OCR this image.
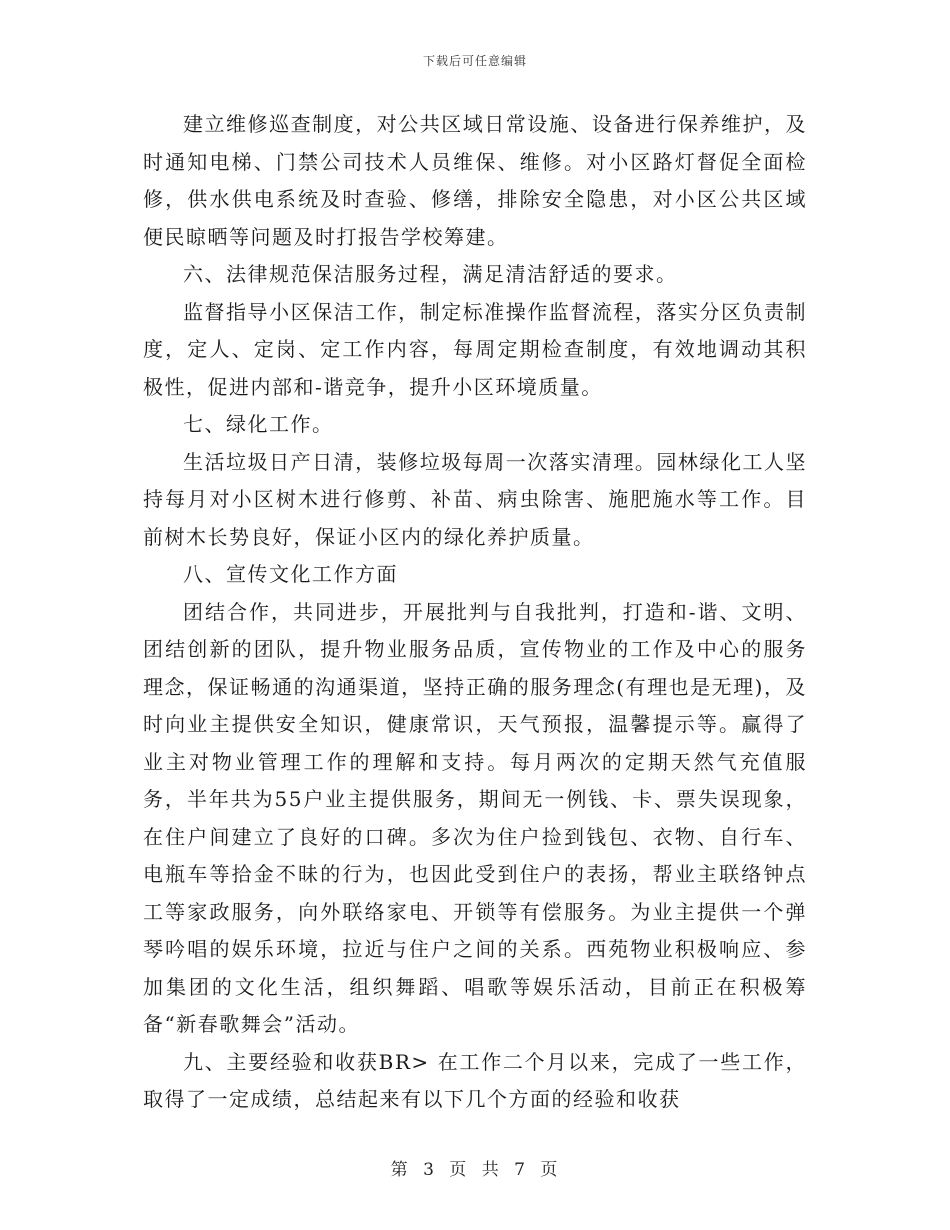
下载后可任意编辑

建立维修巡查制度，对公共区域日常设施、设备进行保养维护，及时通知电梯、门禁公司技术人员维保、维修。对小区路灯督促全面检修，供水供电系统及时查验、修缮，排除安全隐患，对小区公共区域便民晾晒等问题及时打报告学校筹建。

六、法律规范保洁服务过程，满足清洁舒适的要求。

监督指导小区保洁工作，制定标准操作监督流程，落实分区负责制度，定人、定岗、定工作内容，每周定期检查制度，有效地调动其积极性，促进内部和-谐竞争，提升小区环境质量。

七、绿化工作。

生活垃圾日产日清，装修垃圾每周一次落实清理。园林绿化工人坚持每月对小区树木进行修剪、补苗、病虫除害、施肥施水等工作。目前树木长势良好，保证小区内的绿化养护质量。

八、宣传文化工作方面

团结合作，共同进步，开展批判与自我批判，打造和-谐、文明、团结创新的团队，提升物业服务品质，宣传物业的工作及中心的服务理念，保证畅通的沟通渠道，坚持正确的服务理念(有理也是无理)，及时向业主提供安全知识，健康常识，天气预报，温馨提示等。赢得了业主对物业管理工作的理解和支持。每月两次的定期天然气充值服务，半年共为55户业主提供服务，期间无一例钱、卡、票失误现象，在住户间建立了良好的口碑。多次为住户捡到钱包、衣物、自行车、电瓶车等拾金不昧的行为，也因此受到住户的表扬，帮业主联络钟点工等家政服务，向外联络家电、开锁等有偿服务。为业主提供一个弹琴吟唱的娱乐环境，拉近与住户之间的关系。西苑物业积极响应、参加集团的文化生活，组织舞蹈、唱歌等娱乐活动，目前正在积极筹备“新春歌舞会”活动。

九、主要经验和收获BR> 在工作二个月以来，完成了一些工作，取得了一定成绩，总结起来有以下几个方面的经验和收获

第 3 页 共 7 页
